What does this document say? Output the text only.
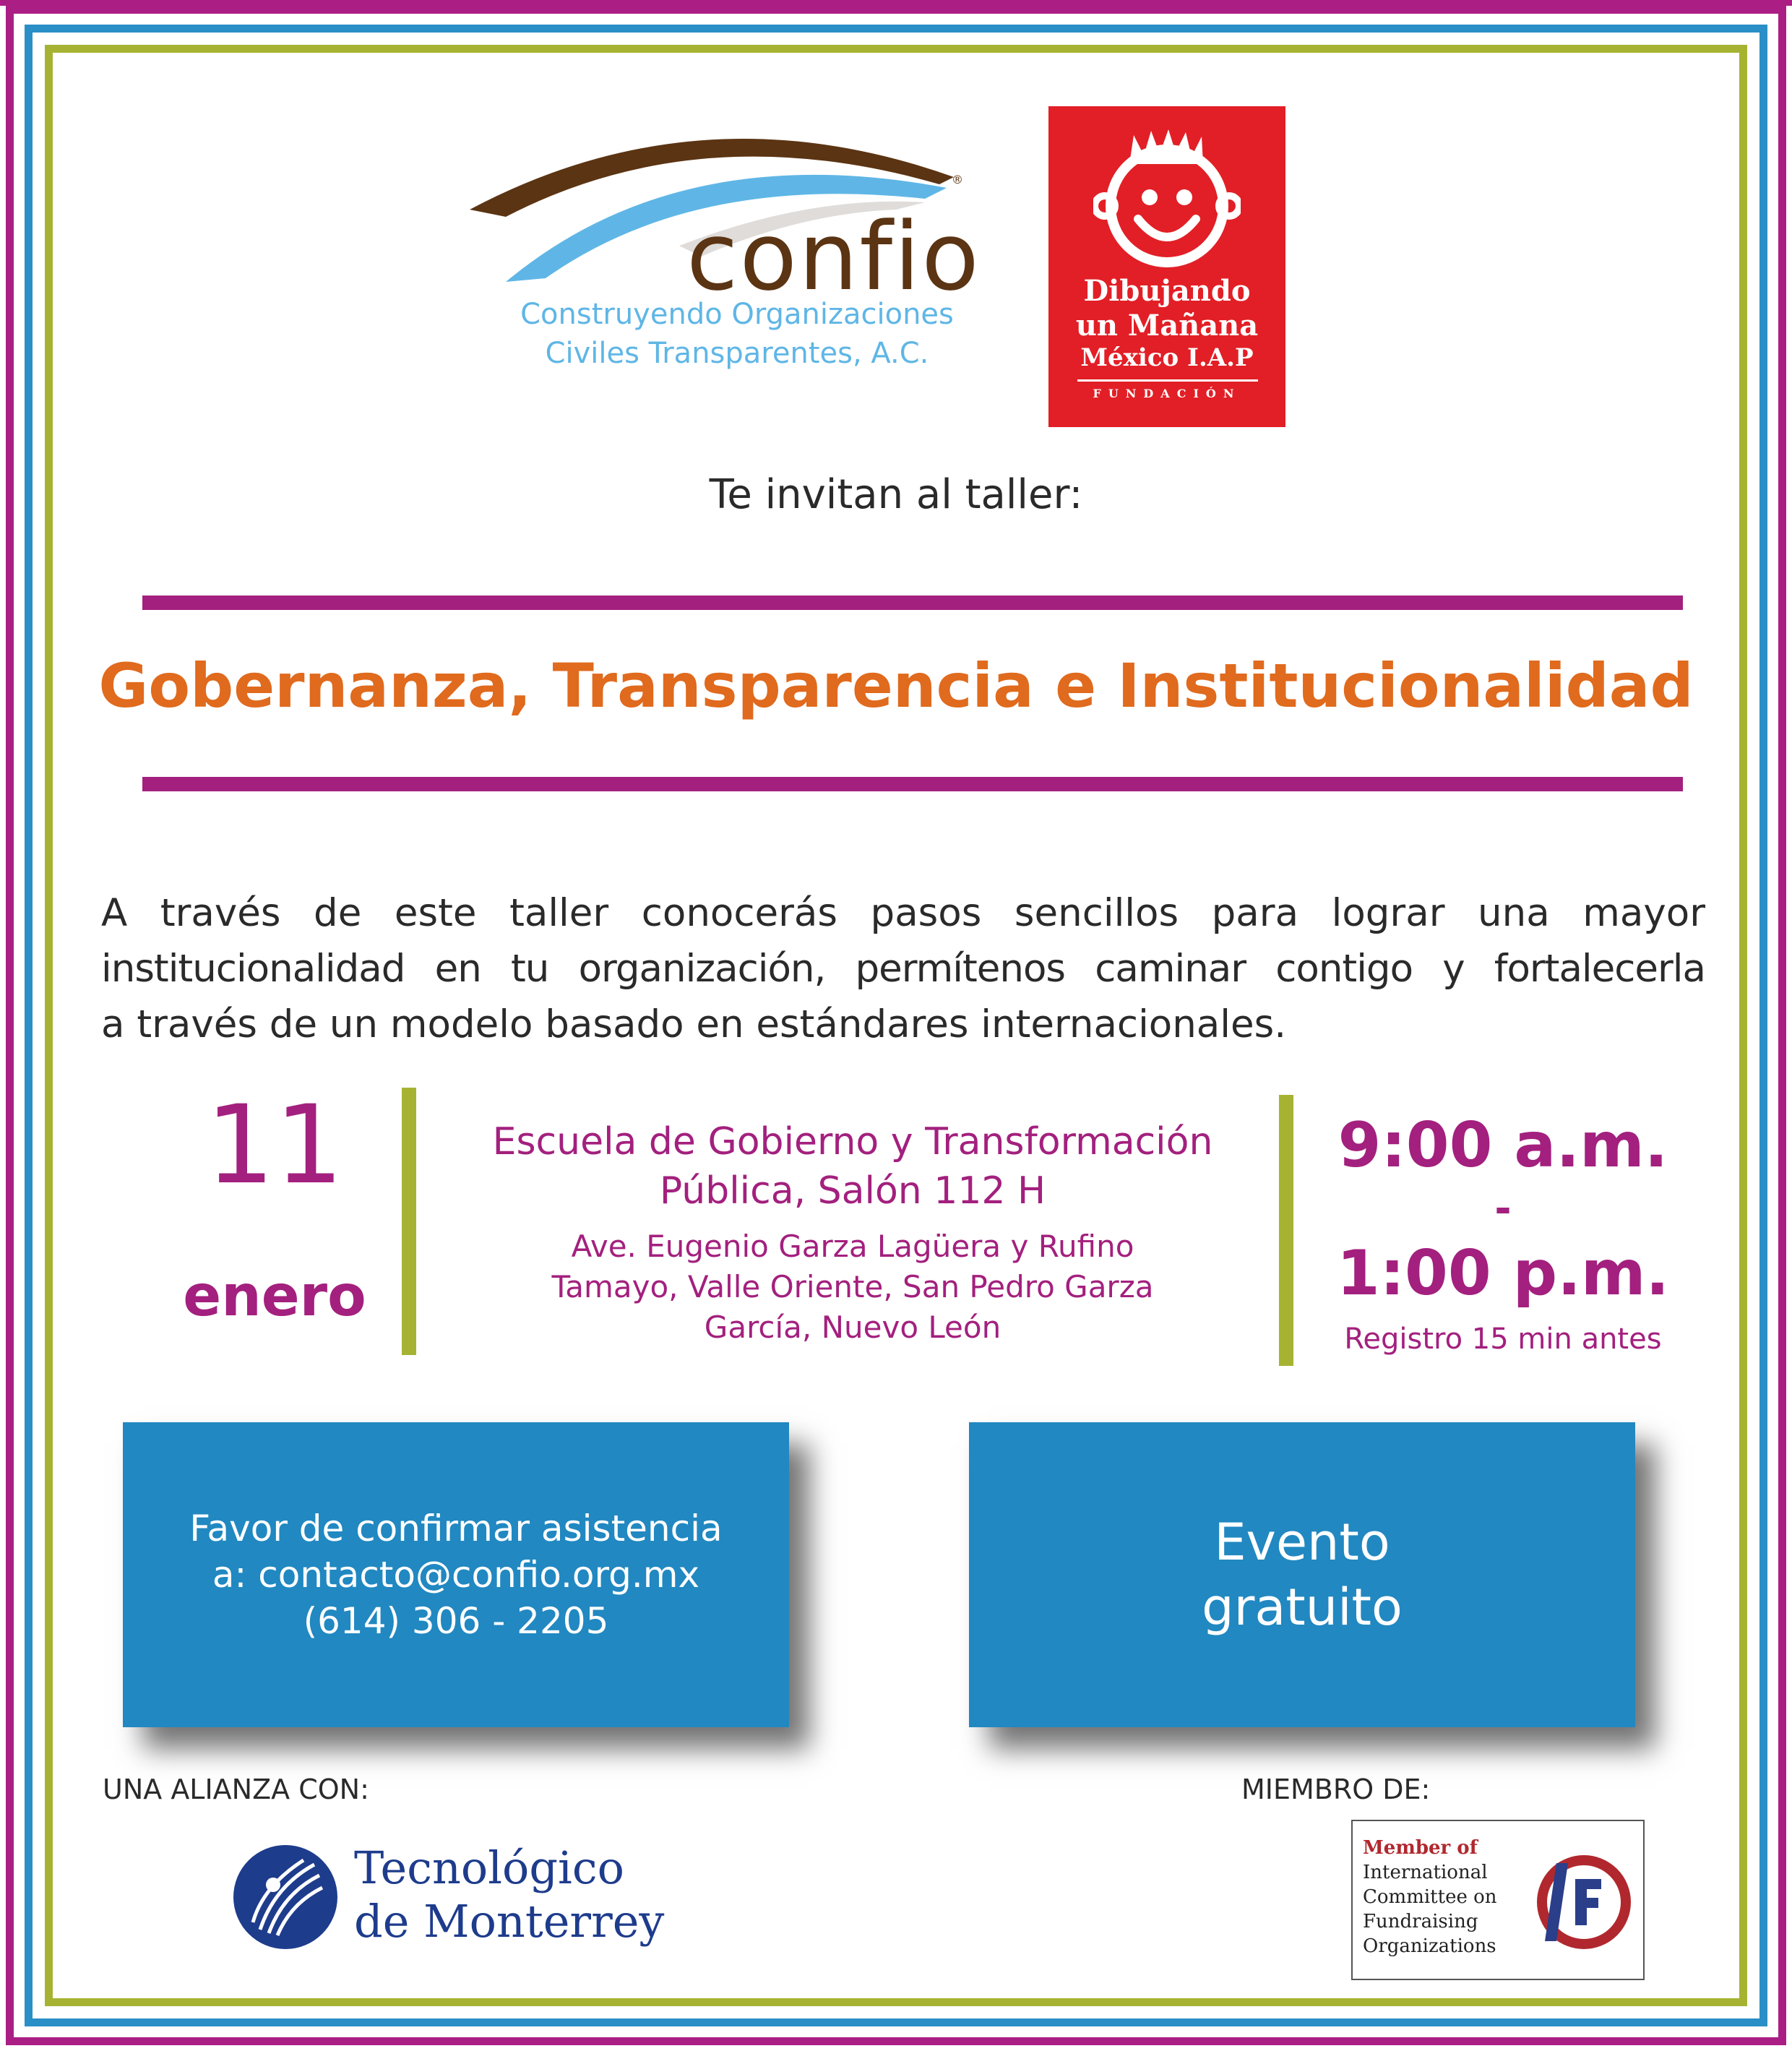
®
confio
Construyendo Organizaciones
Civiles Transparentes, A.C.
Dibujando
un Mañana
México I.A.P
FUNDACIÓN
Te invitan al taller:
Gobernanza, Transparencia e Institucionalidad
A través de este taller conocerás pasos sencillos para lograr una mayor
institucionalidad en tu organización, permítenos caminar contigo y fortalecerla
a través de un modelo basado en estándares internacionales.
11
enero
Escuela de Gobierno y Transformación
Pública, Salón 112 H
Ave. Eugenio Garza Lagüera y Rufino
Tamayo, Valle Oriente, San Pedro Garza
García, Nuevo León
9:00 a.m.
-
1:00 p.m.
Registro 15 min antes
Favor de confirmar asistencia
a: contacto@confio.org.mx
(614) 306 - 2205
Evento
gratuito
UNA ALIANZA CON:	MIEMBRO DE:
Tecnológico
de Monterrey
Member of
International
Committee on
Fundraising
Organizations
